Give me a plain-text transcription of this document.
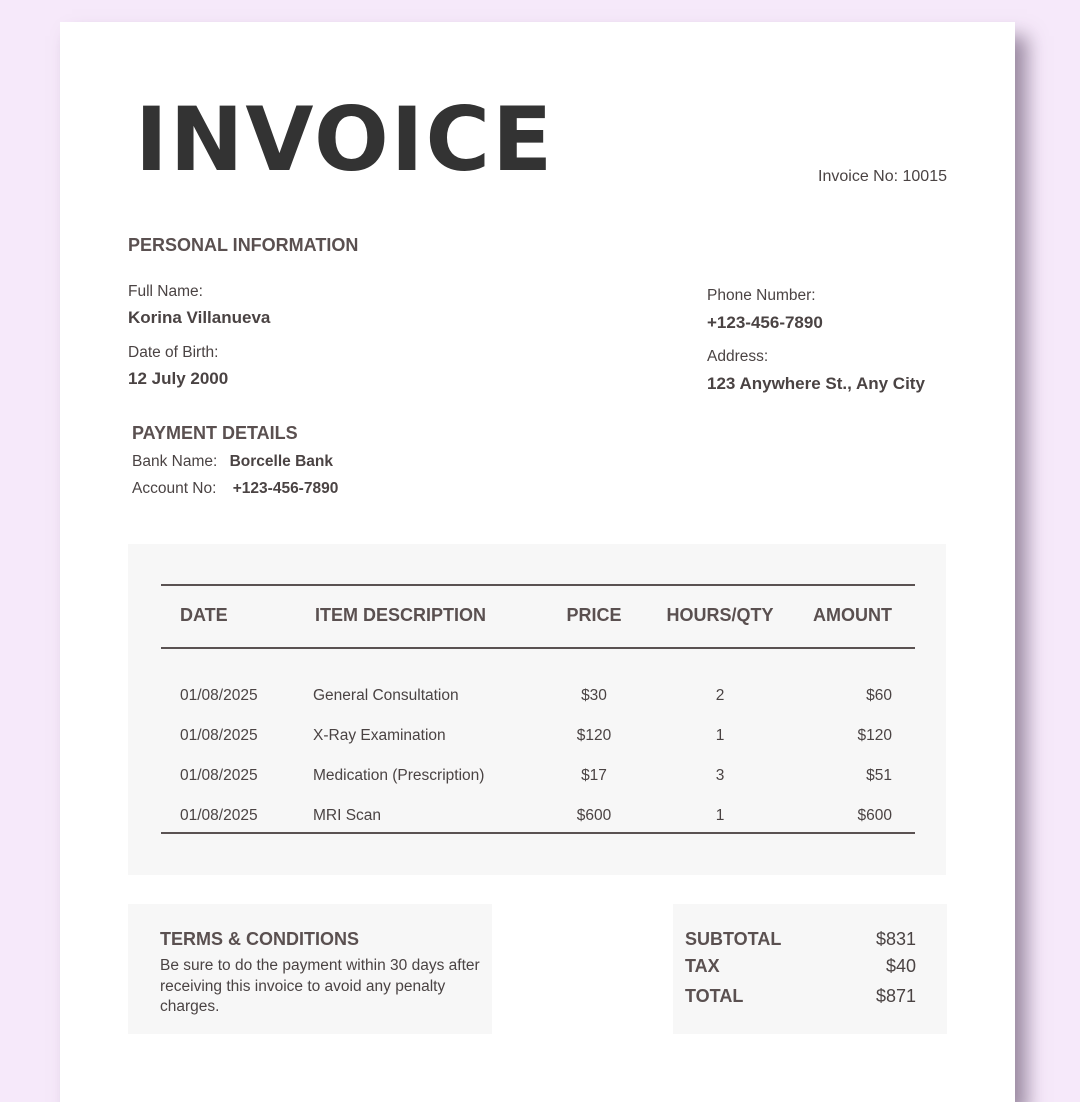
INVOICE	Invoice No: 10015
PERSONAL INFORMATION
Full Name:
Korina Villanueva
Date of Birth:
12 July 2000
Phone Number:
+123-456-7890
Address:
123 Anywhere St., Any City
PAYMENT DETAILS
Bank Name: Borcelle Bank
Account No: +123-456-7890
DATE	ITEM DESCRIPTION	PRICE HOURS/QTY AMOUNT
01/08/2025	General Consultation	$30	2	$60
01/08/2025	X-Ray Examination	$120	1	$120
01/08/2025	Medication (Prescription)	$17	3	$51
01/08/2025	MRI Scan	$600	1	$600
TERMS & CONDITIONS
Be sure to do the payment within 30 days after receiving this invoice to avoid any penalty charges.
SUBTOTAL	$831
TAX	$40
TOTAL	$871
